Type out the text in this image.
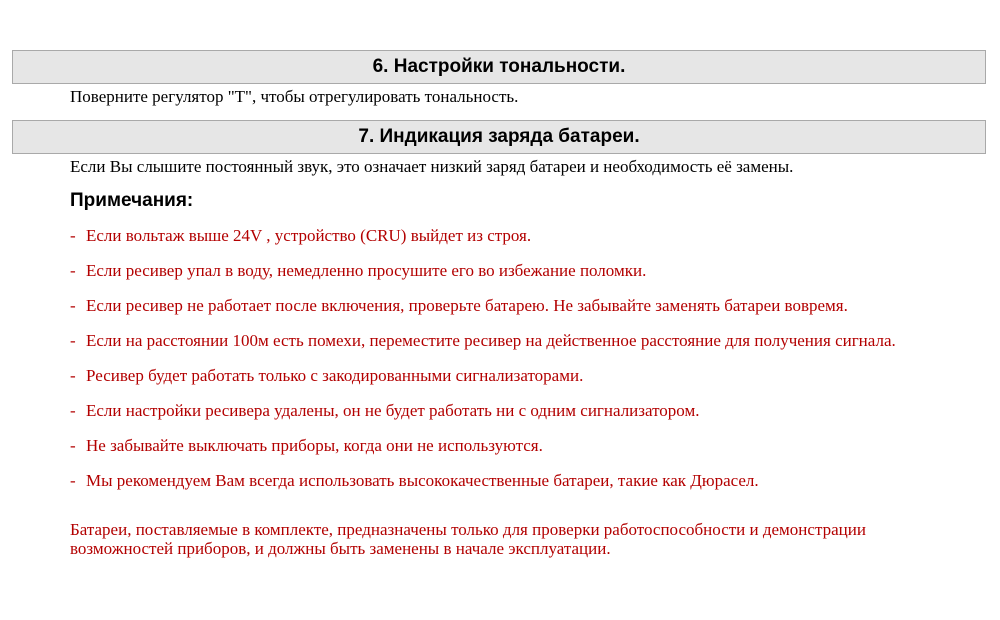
6. Настройки тональности.
Поверните регулятор "Т", чтобы отрегулировать тональность.
7. Индикация заряда батареи.
Если Вы слышите постоянный звук, это означает низкий заряд батареи и необходимость её замены.
Примечания:
- Если вольтаж выше 24V , устройство (CRU) выйдет из строя.
- Если ресивер упал в воду, немедленно просушите его во избежание поломки.
- Если ресивер не работает после включения, проверьте батарею. Не забывайте заменять батареи вовремя.
- Если на расстоянии 100м есть помехи, переместите ресивер на действенное расстояние для получения сигнала.
- Ресивер будет работать только с закодированными сигнализаторами.
- Если настройки ресивера удалены, он не будет работать ни с одним сигнализатором.
- Не забывайте выключать приборы, когда они не используются.
- Мы рекомендуем Вам всегда использовать высококачественные батареи, такие как Дюрасел.
Батареи, поставляемые в комплекте, предназначены только для проверки работоспособности и демонстрации возможностей приборов, и должны быть заменены в начале эксплуатации.
